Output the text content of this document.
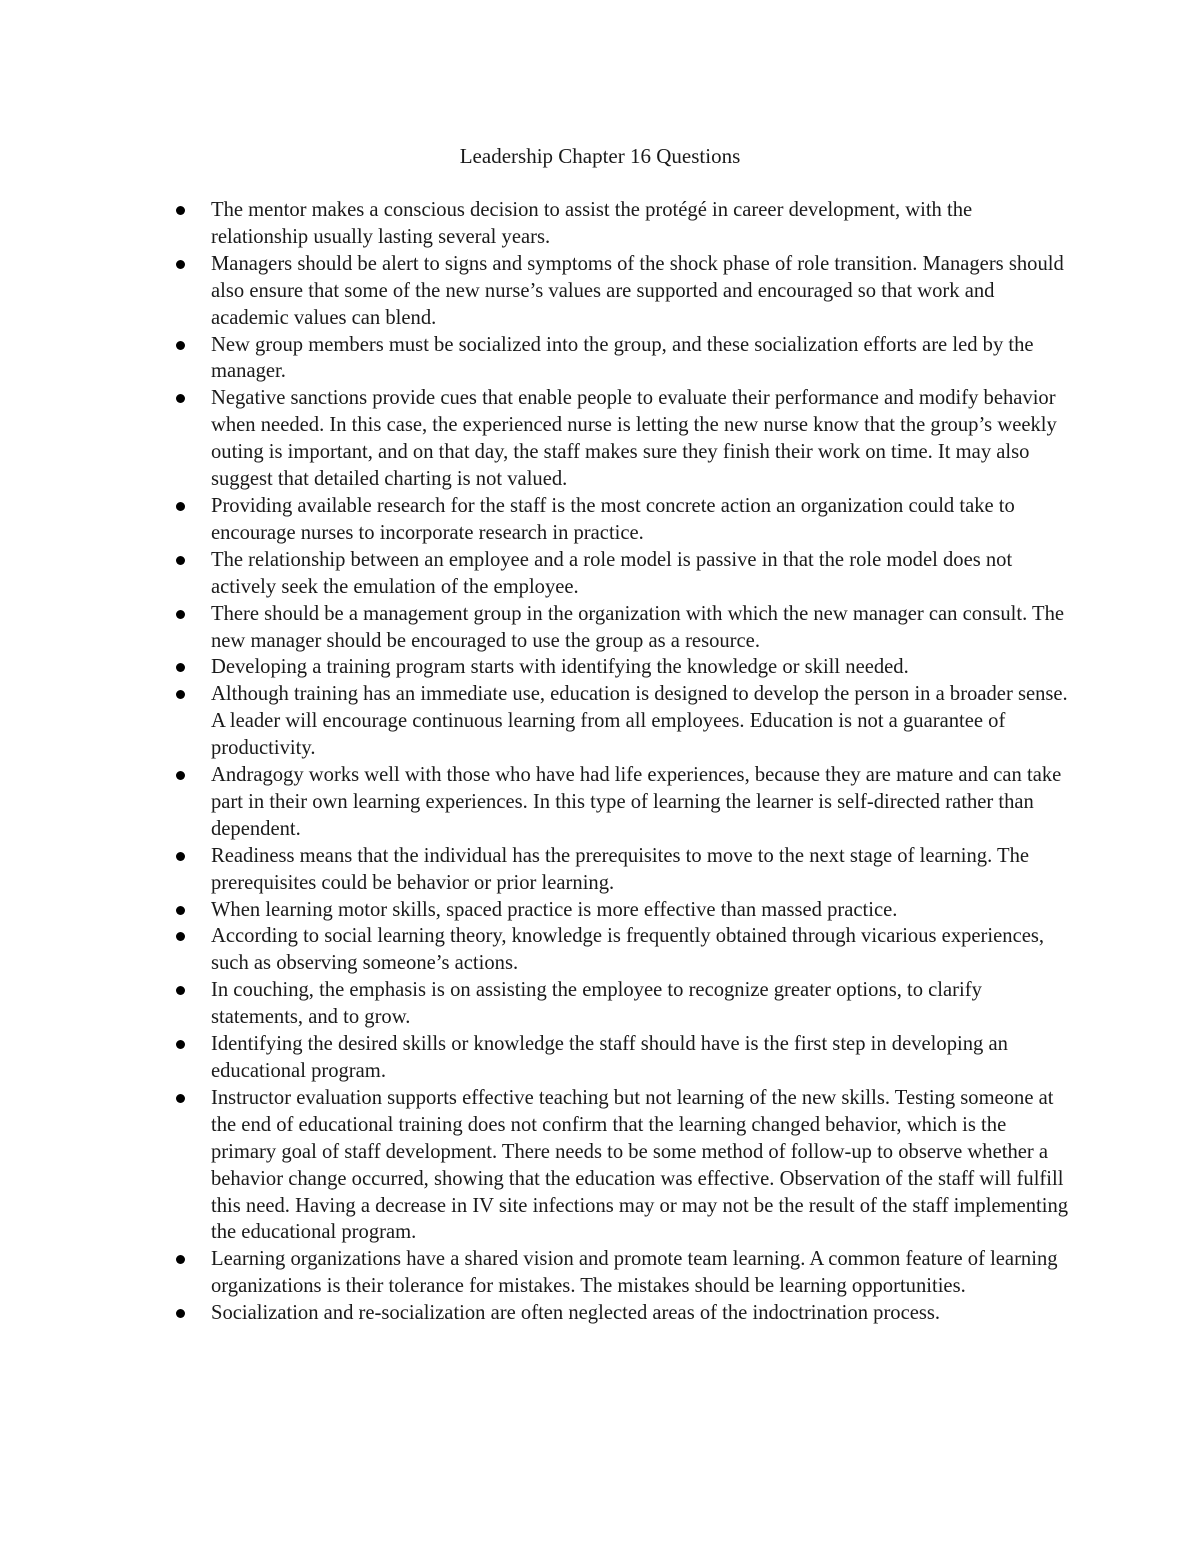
Leadership Chapter 16 Questions
The mentor makes a conscious decision to assist the protégé in career development, with the relationship usually lasting several years.
Managers should be alert to signs and symptoms of the shock phase of role transition. Managers should also ensure that some of the new nurse’s values are supported and encouraged so that work and academic values can blend.
New group members must be socialized into the group, and these socialization efforts are led by the manager.
Negative sanctions provide cues that enable people to evaluate their performance and modify behavior when needed. In this case, the experienced nurse is letting the new nurse know that the group’s weekly outing is important, and on that day, the staff makes sure they finish their work on time. It may also suggest that detailed charting is not valued.
Providing available research for the staff is the most concrete action an organization could take to encourage nurses to incorporate research in practice.
The relationship between an employee and a role model is passive in that the role model does not actively seek the emulation of the employee.
There should be a management group in the organization with which the new manager can consult. The new manager should be encouraged to use the group as a resource.
Developing a training program starts with identifying the knowledge or skill needed.
Although training has an immediate use, education is designed to develop the person in a broader sense. A leader will encourage continuous learning from all employees. Education is not a guarantee of productivity.
Andragogy works well with those who have had life experiences, because they are mature and can take part in their own learning experiences. In this type of learning the learner is self-directed rather than dependent.
Readiness means that the individual has the prerequisites to move to the next stage of learning. The prerequisites could be behavior or prior learning.
When learning motor skills, spaced practice is more effective than massed practice.
According to social learning theory, knowledge is frequently obtained through vicarious experiences, such as observing someone’s actions.
In couching, the emphasis is on assisting the employee to recognize greater options, to clarify statements, and to grow.
Identifying the desired skills or knowledge the staff should have is the first step in developing an educational program.
Instructor evaluation supports effective teaching but not learning of the new skills. Testing someone at the end of educational training does not confirm that the learning changed behavior, which is the primary goal of staff development. There needs to be some method of follow-up to observe whether a behavior change occurred, showing that the education was effective. Observation of the staff will fulfill this need. Having a decrease in IV site infections may or may not be the result of the staff implementing the educational program.
Learning organizations have a shared vision and promote team learning. A common feature of learning organizations is their tolerance for mistakes. The mistakes should be learning opportunities.
Socialization and re-socialization are often neglected areas of the indoctrination process.
